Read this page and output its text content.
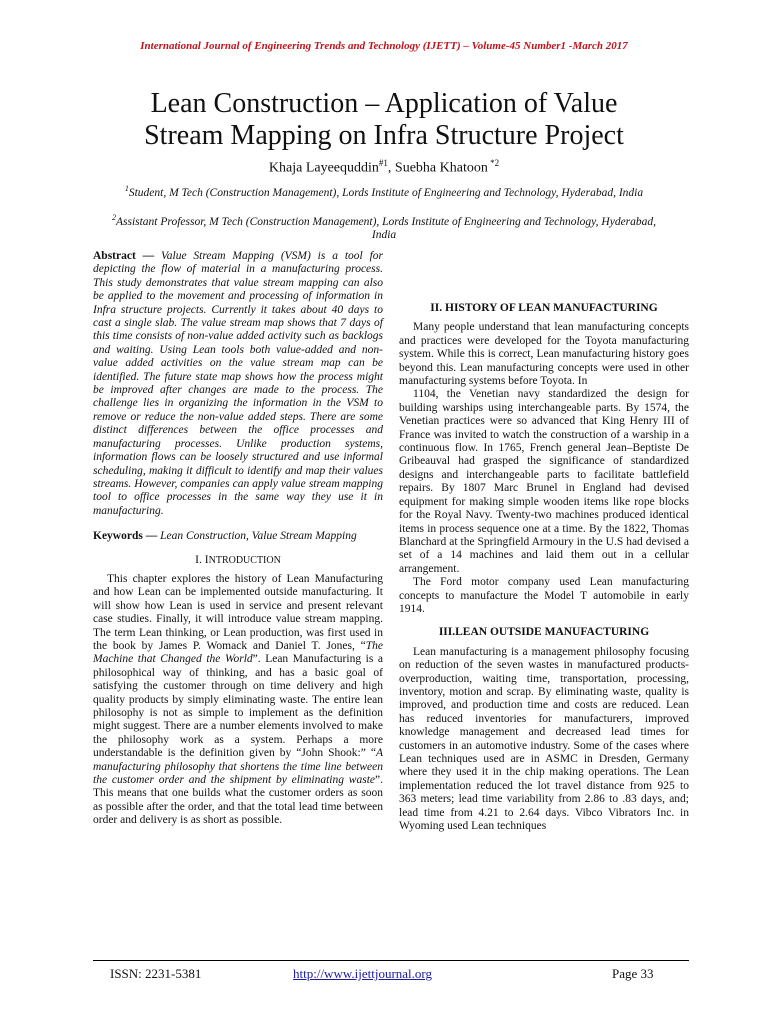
International Journal of Engineering Trends and Technology (IJETT) – Volume-45 Number1 -March 2017
Lean Construction – Application of Value
Stream Mapping on Infra Structure Project
Khaja Layeequddin$^{\#1}$, Suebha Khatoon $^{*2}$
$^1$Student, M Tech (Construction Management), Lords Institute of Engineering and Technology, Hyderabad, India
$^2$Assistant Professor, M Tech (Construction Management), Lords Institute of Engineering and Technology, Hyderabad, India

Abstract — Value Stream Mapping (VSM) is a tool for depicting the flow of material in a manufacturing process. This study demonstrates that value stream mapping can also be applied to the movement and processing of information in Infra structure projects. Currently it takes about 40 days to cast a single slab. The value stream map shows that 7 days of this time consists of non-value added activity such as backlogs and waiting. Using Lean tools both value-added and non-value added activities on the value stream map can be identified. The future state map shows how the process might be improved after changes are made to the process. The challenge lies in organizing the information in the VSM to remove or reduce the non-value added steps. There are some distinct differences between the office processes and manufacturing processes. Unlike production systems, information flows can be loosely structured and use informal scheduling, making it difficult to identify and map their values streams. However, companies can apply value stream mapping tool to office processes in the same way they use it in manufacturing.

Keywords — Lean Construction, Value Stream Mapping

I. INTRODUCTION

This chapter explores the history of Lean Manufacturing and how Lean can be implemented outside manufacturing. It will show how Lean is used in service and present relevant case studies. Finally, it will introduce value stream mapping. The term Lean thinking, or Lean production, was first used in the book by James P. Womack and Daniel T. Jones, “The Machine that Changed the World”. Lean Manufacturing is a philosophical way of thinking, and has a basic goal of satisfying the customer through on time delivery and high quality products by simply eliminating waste. The entire lean philosophy is not as simple to implement as the definition might suggest. There are a number elements involved to make the philosophy work as a system. Perhaps a more understandable is the definition given by “John Shook:” “A manufacturing philosophy that shortens the time line between the customer order and the shipment by eliminating waste”. This means that one builds what the customer orders as soon as possible after the order, and that the total lead time between order and delivery is as short as possible.

II. HISTORY OF LEAN MANUFACTURING

Many people understand that lean manufacturing concepts and practices were developed for the Toyota manufacturing system. While this is correct, Lean manufacturing history goes beyond this. Lean manufacturing concepts were used in other manufacturing systems before Toyota. In

1104, the Venetian navy standardized the design for building warships using interchangeable parts. By 1574, the Venetian practices were so advanced that King Henry III of France was invited to watch the construction of a warship in a continuous flow. In 1765, French general Jean–Beptiste De Gribeauval had grasped the significance of standardized designs and interchangeable parts to facilitate battlefield repairs. By 1807 Marc Brunel in England had devised equipment for making simple wooden items like rope blocks for the Royal Navy. Twenty-two machines produced identical items in process sequence one at a time. By the 1822, Thomas Blanchard at the Springfield Armoury in the U.S had devised a set of a 14 machines and laid them out in a cellular arrangement.

The Ford motor company used Lean manufacturing concepts to manufacture the Model T automobile in early 1914.

III.LEAN OUTSIDE MANUFACTURING

Lean manufacturing is a management philosophy focusing on reduction of the seven wastes in manufactured products-overproduction, waiting time, transportation, processing, inventory, motion and scrap. By eliminating waste, quality is improved, and production time and costs are reduced. Lean has reduced inventories for manufacturers, improved knowledge management and decreased lead times for customers in an automotive industry. Some of the cases where Lean techniques used are in ASMC in Dresden, Germany where they used it in the chip making operations. The Lean implementation reduced the lot travel distance from 925 to 363 meters; lead time variability from 2.86 to .83 days, and; lead time from 4.21 to 2.64 days. Vibco Vibrators Inc. in Wyoming used Lean techniques

ISSN: 2231-5381	http://www.ijettjournal.org	Page 33
